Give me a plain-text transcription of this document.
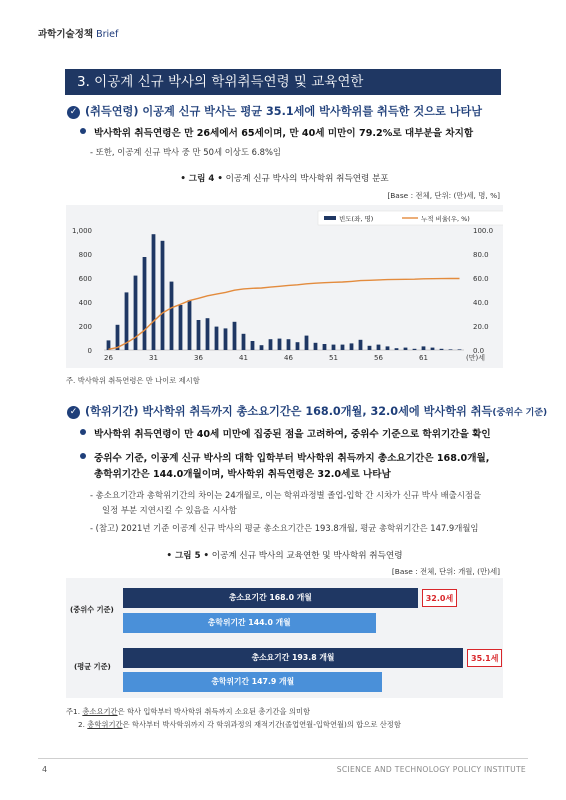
과학기술정책 Brief
3. 이공계 신규 박사의 학위취득연령 및 교육연한
✓ (취득연령) 이공계 신규 박사는 평균 35.1세에 박사학위를 취득한 것으로 나타남
박사학위 취득연령은 만 26세에서 65세이며, 만 40세 미만이 79.2%로 대부분을 차지함
- 또한, 이공계 신규 박사 중 만 50세 이상도 6.8%임
• 그림 4 • 이공계 신규 박사의 박사학위 취득연령 분포
[Base : 전체, 단위: (만)세, 명, %]
0
200
400
600
800
1,000
0.0
20.0
40.0
60.0
80.0
100.0
26	31	36	41	46	51	56	61	(만)세
빈도(좌, 명)	누적 비율(우, %)
주. 박사학위 취득연령은 만 나이로 제시함
✓ (학위기간) 박사학위 취득까지 총소요기간은 168.0개월, 32.0세에 박사학위 취득(중위수 기준)
박사학위 취득연령이 만 40세 미만에 집중된 점을 고려하여, 중위수 기준으로 학위기간을 확인
중위수 기준, 이공계 신규 박사의 대학 입학부터 박사학위 취득까지 총소요기간은 168.0개월,
총학위기간은 144.0개월이며, 박사학위 취득연령은 32.0세로 나타남
- 총소요기간과 총학위기간의 차이는 24개월로, 이는 학위과정별 졸업-입학 간 시차가 신규 박사 배출시점을
일정 부분 지연시킬 수 있음을 시사함
- (참고) 2021년 기준 이공계 신규 박사의 평균 총소요기간은 193.8개월, 평균 총학위기간은 147.9개월임
• 그림 5 • 이공계 신규 박사의 교육연한 및 박사학위 취득연령
[Base : 전체, 단위: 개월, (만)세]
(중위수 기준)
(평균 기준)
총소요기간 168.0 개월
총학위기간 144.0 개월
총소요기간 193.8 개월
총학위기간 147.9 개월
32.0세
35.1세
주1. 총소요기간은 학사 입학부터 박사학위 취득까지 소요된 총기간을 의미함
2. 총학위기간은 학사부터 박사학위까지 각 학위과정의 재적기간(졸업연월-입학연월)의 합으로 산정함
4	SCIENCE AND TECHNOLOGY POLICY INSTITUTE
